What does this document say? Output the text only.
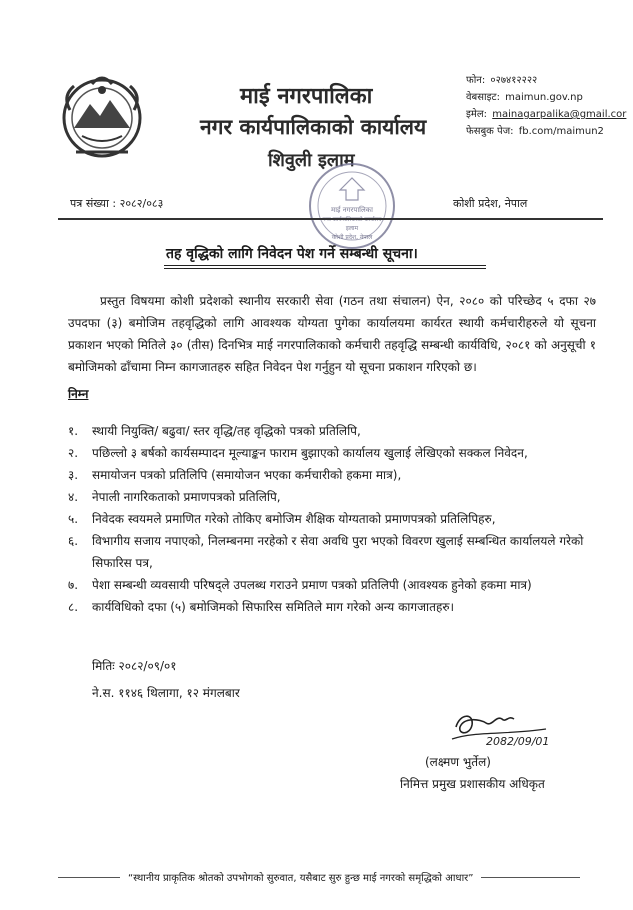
माई नगरपालिका
नगर कार्यपालिकाको कार्यालय
शिवुली इलाम
फोन: ०२७४१२२२२
वेबसाइट: maimun.gov.np
इमेल: mainagarpalika@gmail.cor
फेसबुक पेज: fb.com/maimun2
पत्र संख्या : २०८२/०८३	कोशी प्रदेश, नेपाल
माई नगरपालिका
नगर कार्यपालिकाको कार्यालय
इलाम
कोशी प्रदेश, नेपाल
तह वृद्धिको लागि निवेदन पेश गर्ने सम्बन्धी सूचना।

प्रस्तुत विषयमा कोशी प्रदेशको स्थानीय सरकारी सेवा (गठन तथा संचालन) ऐन, २०८० को परिच्छेद ५ दफा २७ उपदफा (३) बमोजिम तहवृद्धिको लागि आवश्यक योग्यता पुगेका कार्यालयमा कार्यरत स्थायी कर्मचारीहरुले यो सूचना प्रकाशन भएको मितिले ३० (तीस) दिनभित्र माई नगरपालिकाको कर्मचारी तहवृद्धि सम्बन्धी कार्यविधि, २०८१ को अनुसूची १ बमोजिमको ढाँचामा निम्न कागजातहरु सहित निवेदन पेश गर्नुहुन यो सूचना प्रकाशन गरिएको छ।

निम्न
१.	स्थायी नियुक्ति/ बढुवा/ स्तर वृद्धि/तह वृद्धिको पत्रको प्रतिलिपि,
२.	पछिल्लो ३ बर्षको कार्यसम्पादन मूल्याङ्कन फाराम बुझाएको कार्यालय खुलाई लेखिएको सक्कल निवेदन,
३.	समायोजन पत्रको प्रतिलिपि (समायोजन भएका कर्मचारीको हकमा मात्र),
४.	नेपाली नागरिकताको प्रमाणपत्रको प्रतिलिपि,
५.	निवेदक स्वयमले प्रमाणित गरेको तोकिए बमोजिम शैक्षिक योग्यताको प्रमाणपत्रको प्रतिलिपिहरु,
६.	विभागीय सजाय नपाएको, निलम्बनमा नरहेको र सेवा अवधि पुरा भएको विवरण खुलाई सम्बन्धित कार्यालयले गरेको सिफारिस पत्र,
७.	पेशा सम्बन्धी व्यवसायी परिषद्ले उपलब्ध गराउने प्रमाण पत्रको प्रतिलिपी (आवश्यक हुनेको हकमा मात्र)
८.	कार्यविधिको दफा (५) बमोजिमको सिफारिस समितिले माग गरेको अन्य कागजातहरु।
मितिः २०८२/०९/०१
ने.स. ११४६ थिलागा, १२ मंगलबार
2082/09/01
(लक्ष्मण भुर्तेल)
निमित्त प्रमुख प्रशासकीय अधिकृत
“स्थानीय प्राकृतिक श्रोतको उपभोगको सुरुवात, यसैबाट सुरु हुन्छ माई नगरको समृद्धिको आधार”
